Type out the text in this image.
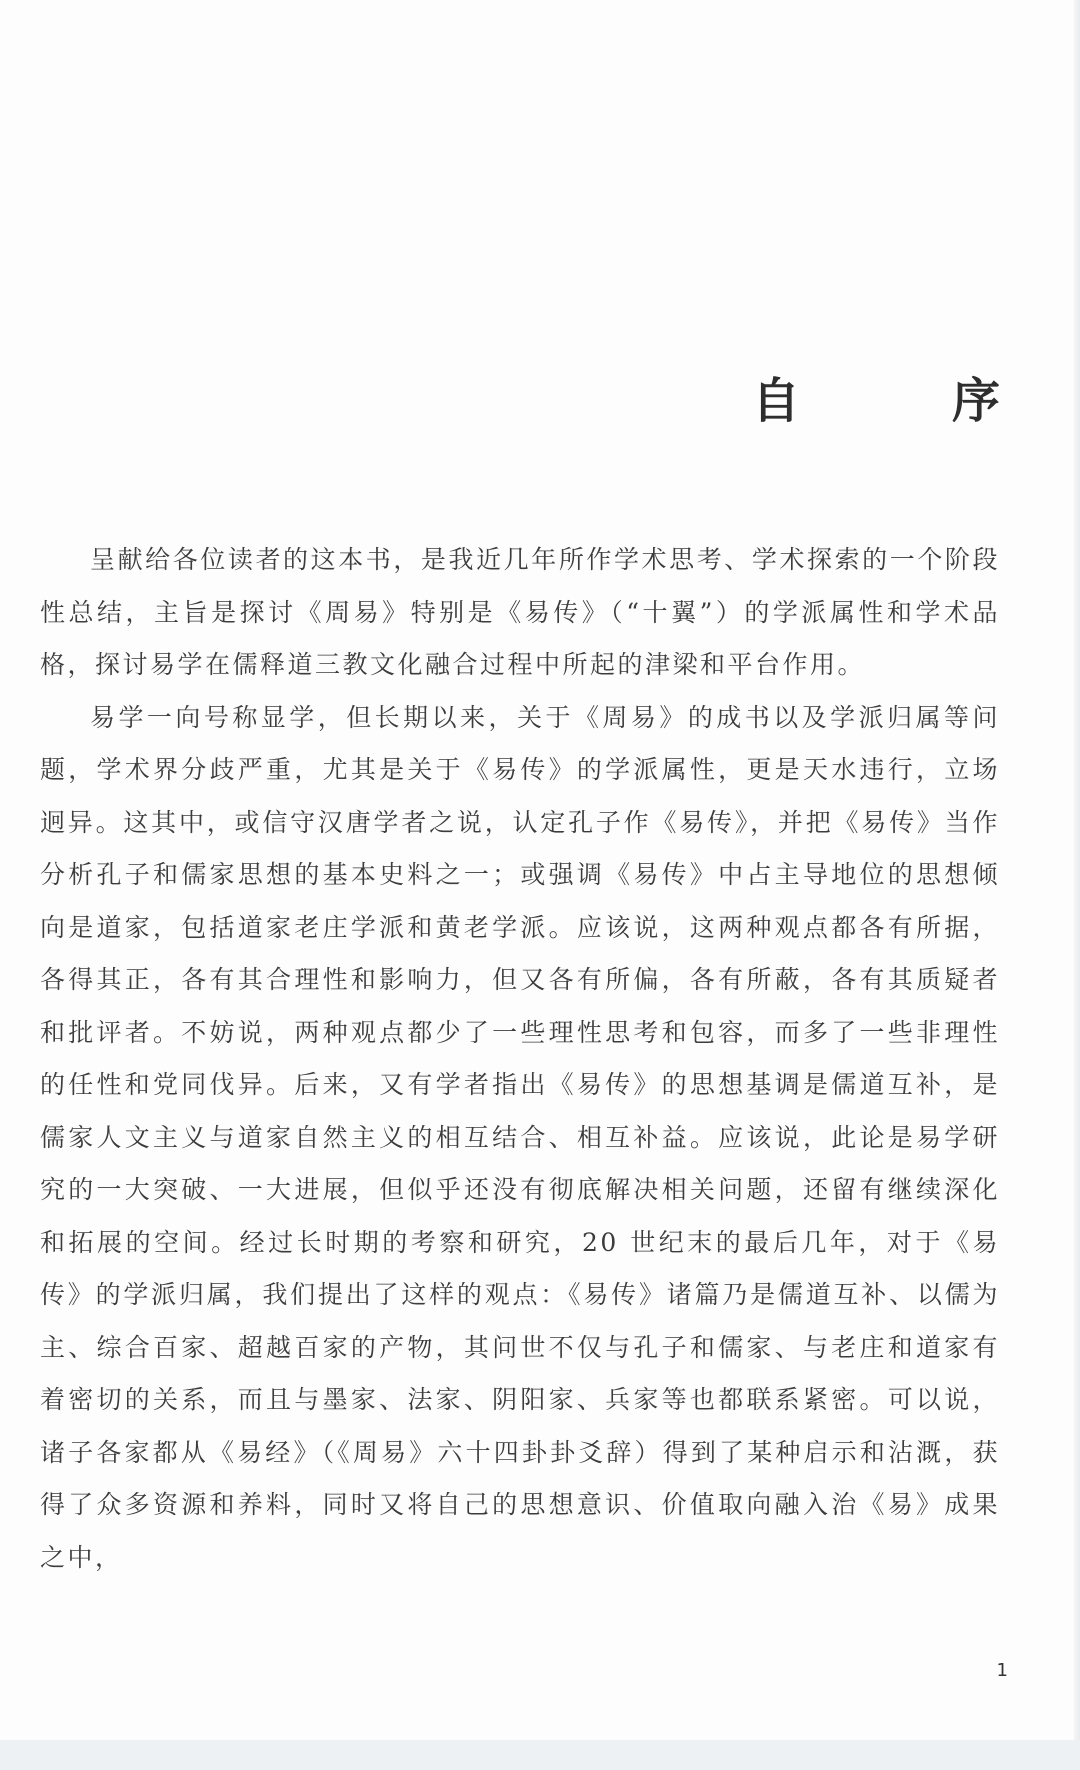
自　序

呈献给各位读者的这本书，是我近几年所作学术思考、学术探索的一个阶段性总结，主旨是探讨《周易》特别是《易传》（“十翼”）的学派属性和学术品格，探讨易学在儒释道三教文化融合过程中所起的津梁和平台作用。

易学一向号称显学，但长期以来，关于《周易》的成书以及学派归属等问题，学术界分歧严重，尤其是关于《易传》的学派属性，更是天水违行，立场迥异。这其中，或信守汉唐学者之说，认定孔子作《易传》，并把《易传》当作分析孔子和儒家思想的基本史料之一；或强调《易传》中占主导地位的思想倾向是道家，包括道家老庄学派和黄老学派。应该说，这两种观点都各有所据，各得其正，各有其合理性和影响力，但又各有所偏，各有所蔽，各有其质疑者和批评者。不妨说，两种观点都少了一些理性思考和包容，而多了一些非理性的任性和党同伐异。后来，又有学者指出《易传》的思想基调是儒道互补，是儒家人文主义与道家自然主义的相互结合、相互补益。应该说，此论是易学研究的一大突破、一大进展，但似乎还没有彻底解决相关问题，还留有继续深化和拓展的空间。经过长时期的考察和研究，20 世纪末的最后几年，对于《易传》的学派归属，我们提出了这样的观点：《易传》诸篇乃是儒道互补、以儒为主、综合百家、超越百家的产物，其问世不仅与孔子和儒家、与老庄和道家有着密切的关系，而且与墨家、法家、阴阳家、兵家等也都联系紧密。可以说，诸子各家都从《易经》（《周易》六十四卦卦爻辞）得到了某种启示和沾溉，获得了众多资源和养料，同时又将自己的思想意识、价值取向融入治《易》成果之中，

1
